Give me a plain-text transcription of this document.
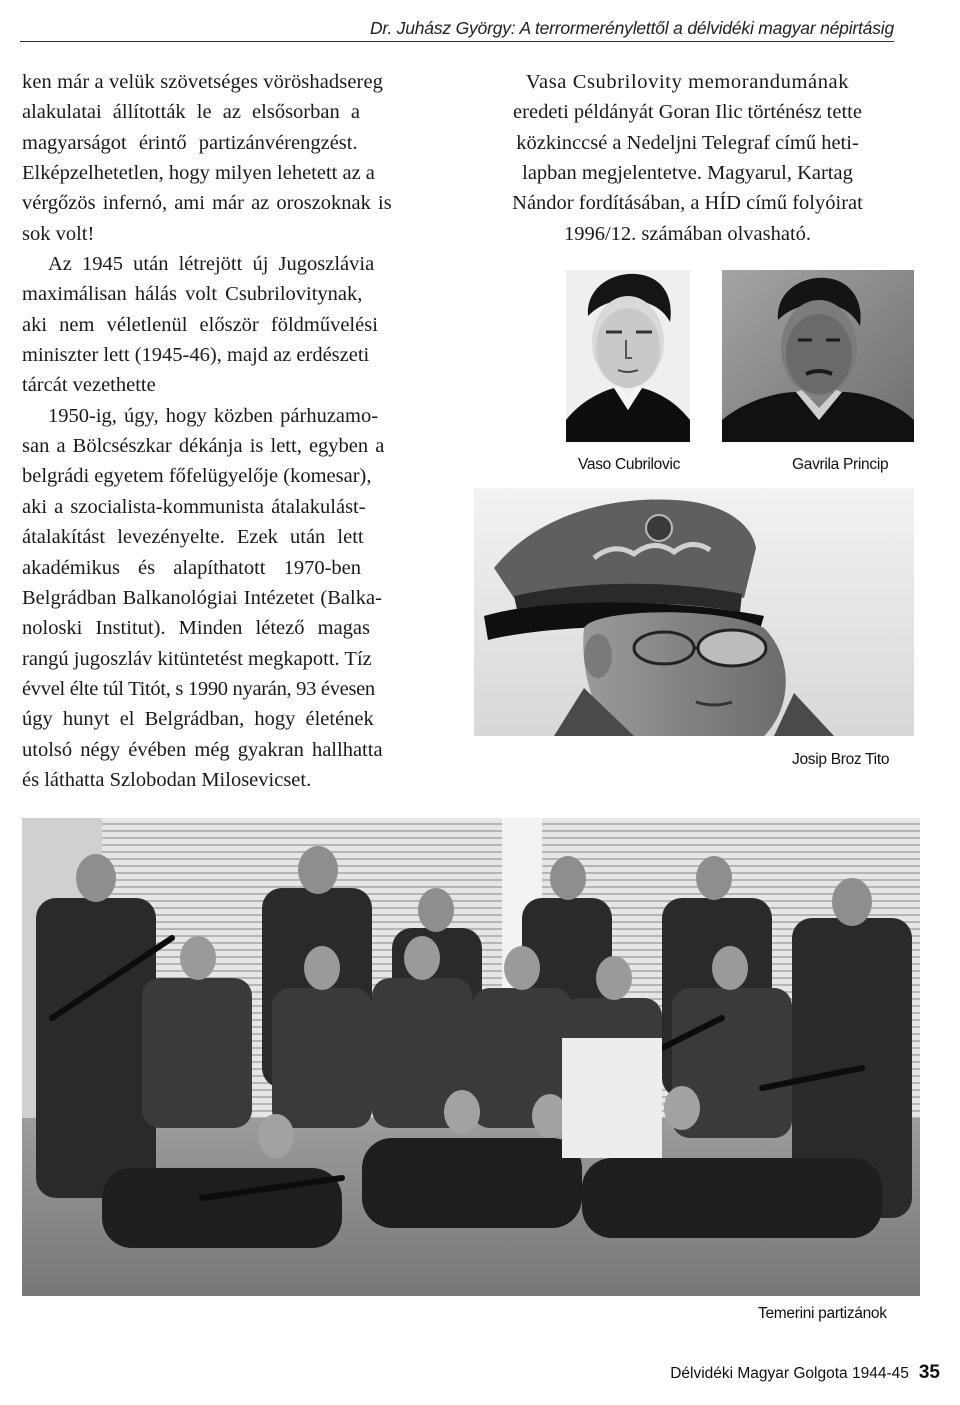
Dr. Juhász György: A terrormerénylettől a délvidéki magyar népirtásig

ken már a velük szövetséges vöröshadsereg
alakulatai állították le az elsősorban a
magyarságot érintő partizánvérengzést.
Elképzelhetetlen, hogy milyen lehetett az a
vérgőzös infernó, ami már az oroszoknak is
sok volt!

Az 1945 után létrejött új Jugoszlávia
maximálisan hálás volt Csubrilovitynak,
aki nem véletlenül először földművelési
miniszter lett (1945-46), majd az erdészeti
tárcát vezethette
1950-ig, úgy, hogy közben párhuzamo-
san a Bölcsészkar dékánja is lett, egyben a
belgrádi egyetem főfelügyelője (komesar),
aki a szocialista-kommunista átalakulást-
átalakítást levezényelte. Ezek után lett
akadémikus és alapíthatott 1970-ben
Belgrádban Balkanológiai Intézetet (Balka-
noloski Institut). Minden létező magas
rangú jugoszláv kitüntetést megkapott. Tíz
évvel élte túl Titót, s 1990 nyarán, 93 évesen
úgy hunyt el Belgrádban, hogy életének
utolsó négy évében még gyakran hallhatta
és láthatta Szlobodan Milosevicset.

Vasa Csubrilovity memorandumának
eredeti példányát Goran Ilic történész tette
közkinccsé a Nedeljni Telegraf című heti-
lapban megjelentetve. Magyarul, Kartag
Nándor fordításában, a HÍD című folyóirat
1996/12. számában olvasható.
Vaso Cubrilovic	Gavrila Princip
Josip Broz Tito
Temerini partizánok
Délvidéki Magyar Golgota 1944-45 35
